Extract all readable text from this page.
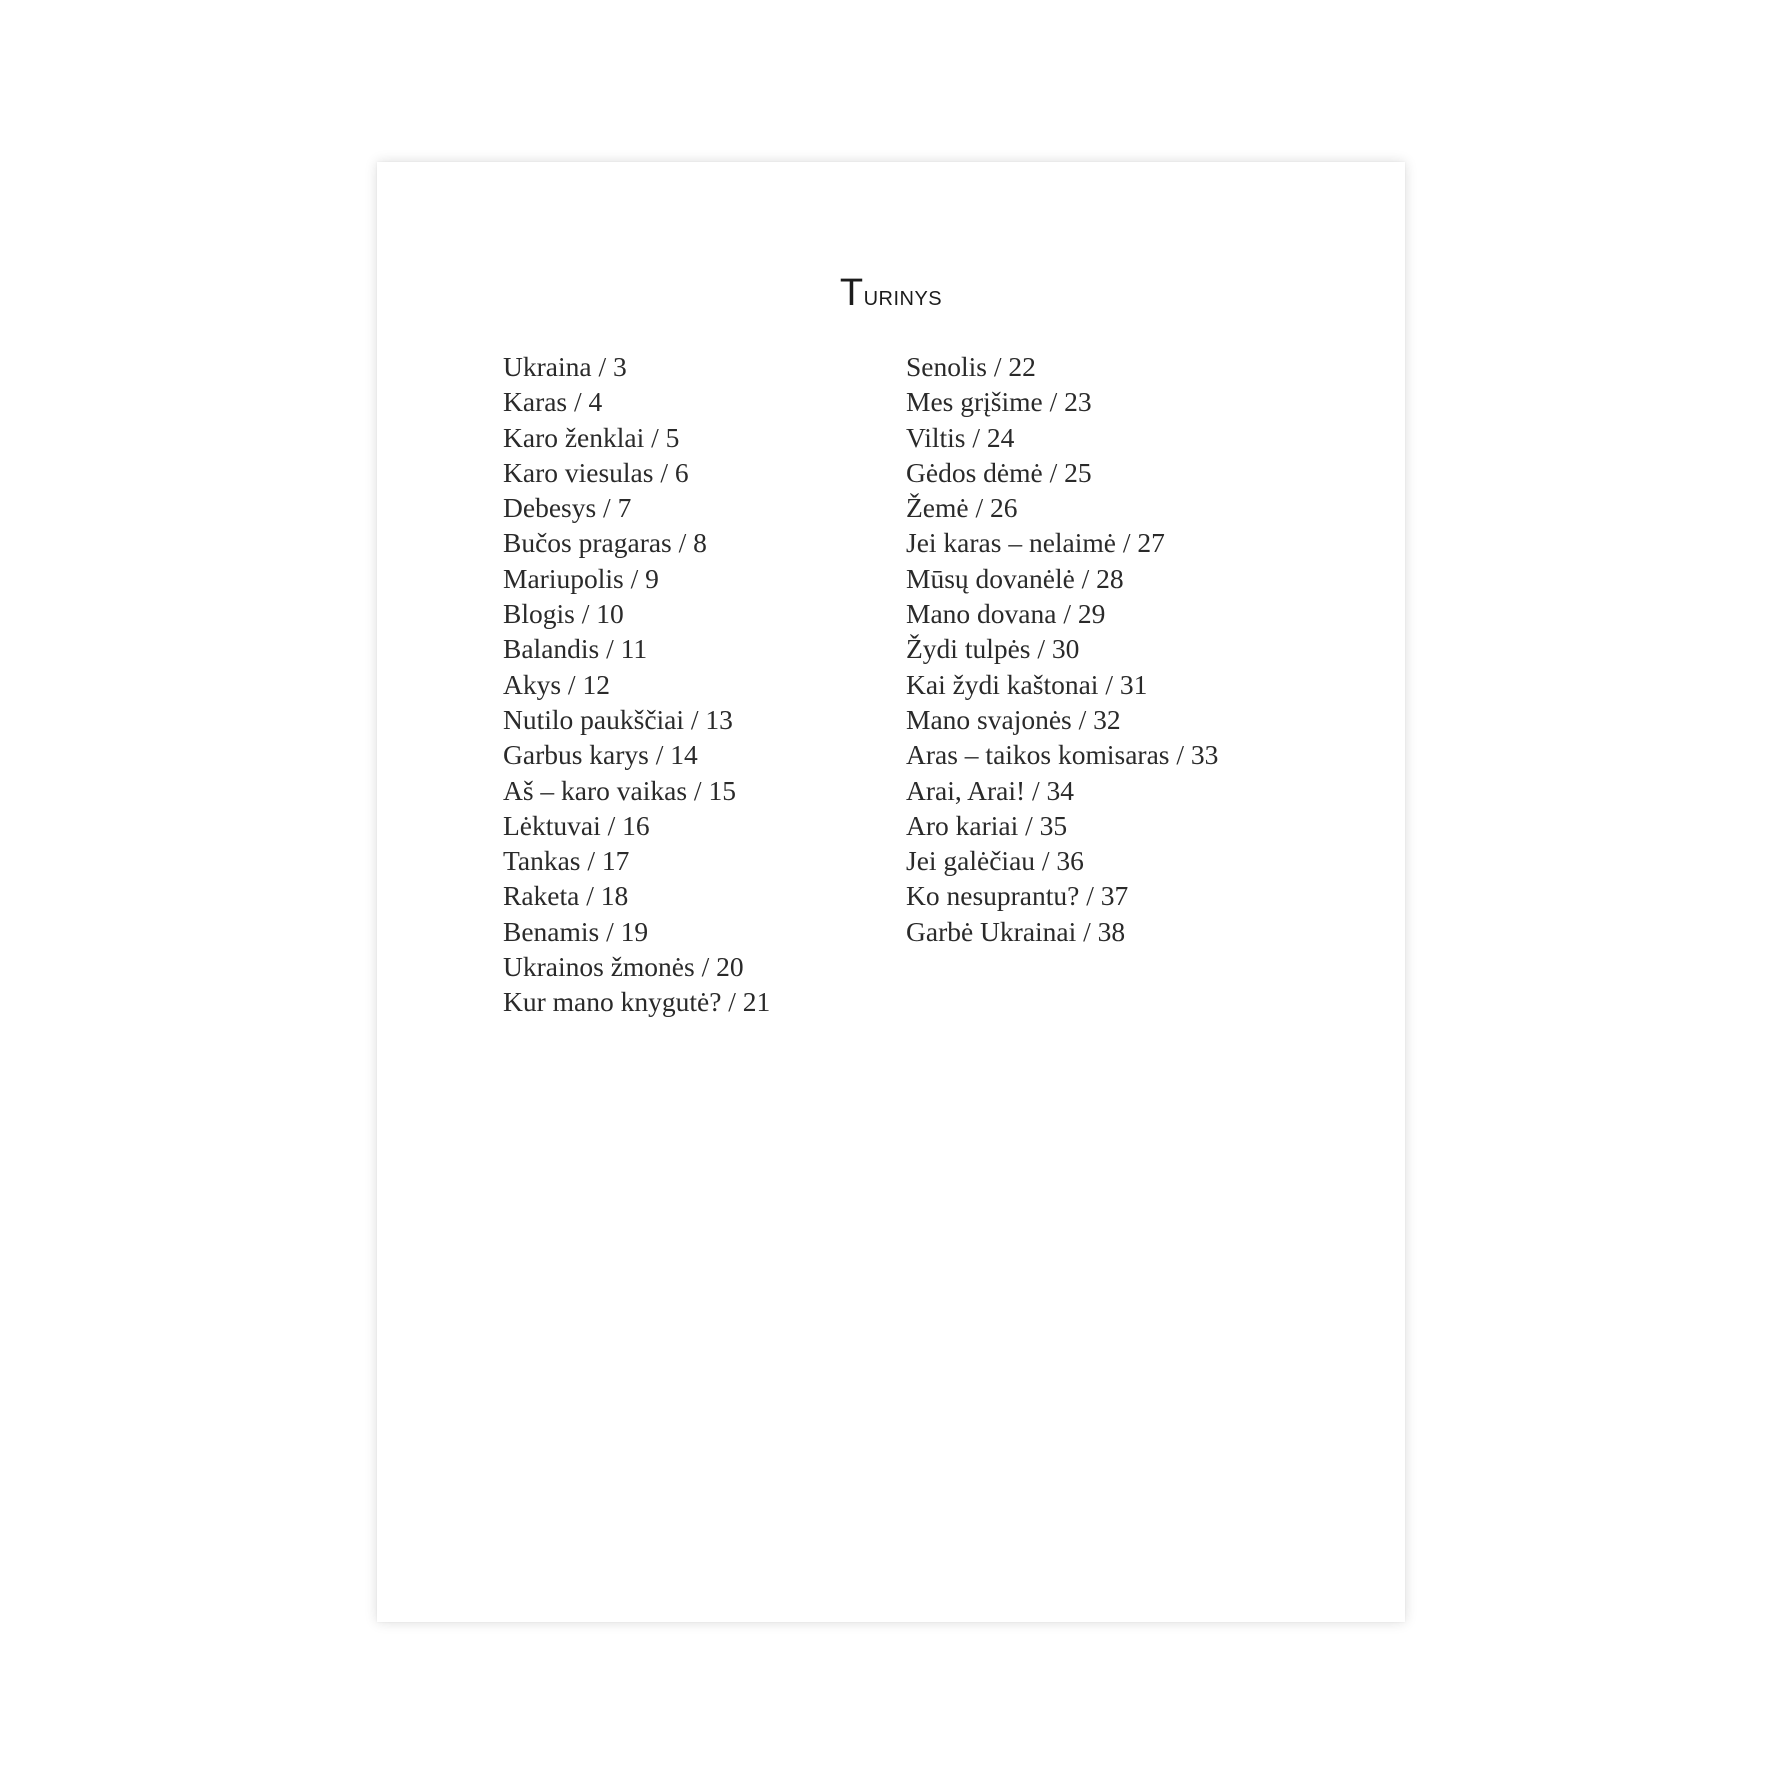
Turinys
Ukraina / 3
Karas / 4
Karo ženklai / 5
Karo viesulas / 6
Debesys / 7
Bučos pragaras / 8
Mariupolis / 9
Blogis / 10
Balandis / 11
Akys / 12
Nutilo paukščiai / 13
Garbus karys / 14
Aš – karo vaikas / 15
Lėktuvai / 16
Tankas / 17
Raketa / 18
Benamis / 19
Ukrainos žmonės / 20
Kur mano knygutė? / 21
Senolis / 22
Mes grįšime / 23
Viltis / 24
Gėdos dėmė / 25
Žemė / 26
Jei karas – nelaimė / 27
Mūsų dovanėlė / 28
Mano dovana / 29
Žydi tulpės / 30
Kai žydi kaštonai / 31
Mano svajonės / 32
Aras – taikos komisaras / 33
Arai, Arai! / 34
Aro kariai / 35
Jei galėčiau / 36
Ko nesuprantu? / 37
Garbė Ukrainai / 38
